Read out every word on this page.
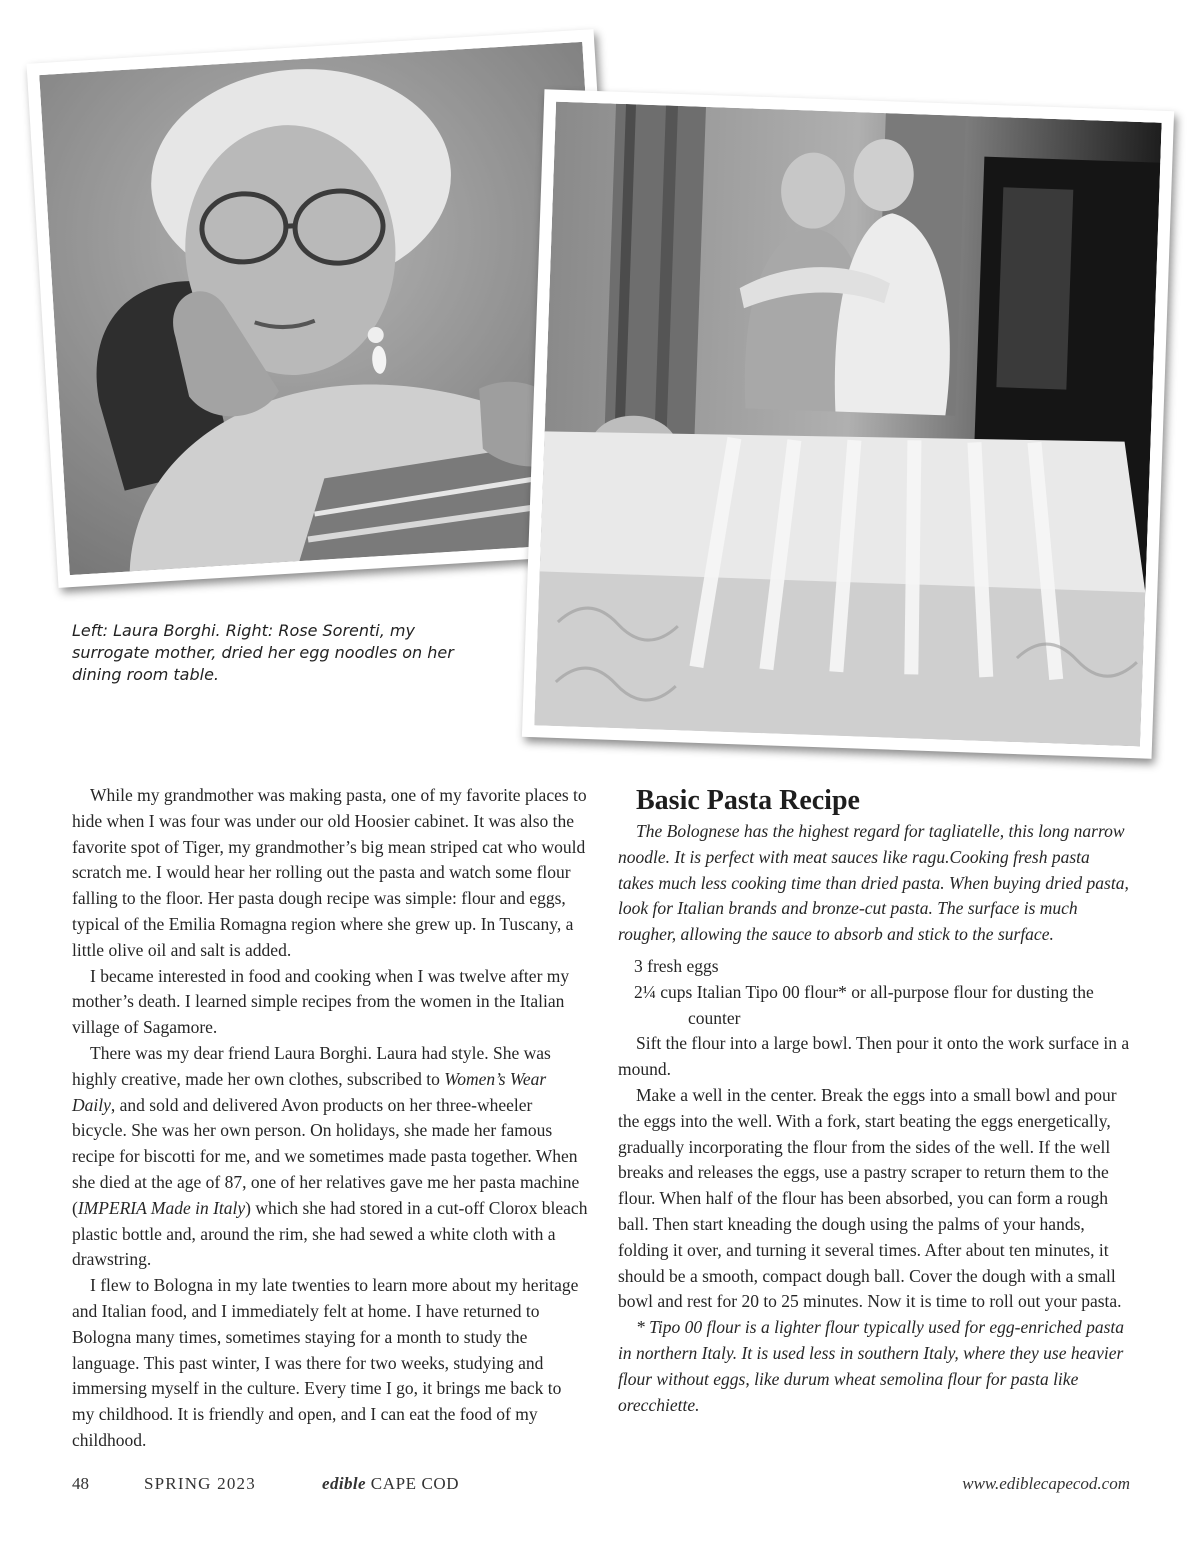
Left: Laura Borghi. Right: Rose Sorenti, my surrogate mother, dried her egg noodles on her dining room table.

While my grandmother was making pasta, one of my favorite places to hide when I was four was under our old Hoosier cabinet. It was also the favorite spot of Tiger, my grandmother’s big mean striped cat who would scratch me. I would hear her rolling out the pasta and watch some flour falling to the floor. Her pasta dough recipe was simple: flour and eggs, typical of the Emilia Romagna region where she grew up. In Tuscany, a little olive oil and salt is added.

I became interested in food and cooking when I was twelve after my mother’s death. I learned simple recipes from the women in the Italian village of Sagamore.

There was my dear friend Laura Borghi. Laura had style. She was highly creative, made her own clothes, subscribed to Women’s Wear Daily, and sold and delivered Avon products on her three-wheeler bicycle. She was her own person. On holidays, she made her famous recipe for biscotti for me, and we sometimes made pasta together. When she died at the age of 87, one of her relatives gave me her pasta machine (IMPERIA Made in Italy) which she had stored in a cut-off Clorox bleach plastic bottle and, around the rim, she had sewed a white cloth with a drawstring.

I flew to Bologna in my late twenties to learn more about my heritage and Italian food, and I immediately felt at home. I have returned to Bologna many times, sometimes staying for a month to study the language. This past winter, I was there for two weeks, studying and immersing myself in the culture. Every time I go, it brings me back to my childhood. It is friendly and open, and I can eat the food of my childhood.

Basic Pasta Recipe

The Bolognese has the highest regard for tagliatelle, this long narrow noodle. It is perfect with meat sauces like ragu.Cooking fresh pasta takes much less cooking time than dried pasta. When buying dried pasta, look for Italian brands and bronze-cut pasta. The surface is much rougher, allowing the sauce to absorb and stick to the surface.

3 fresh eggs
2¼ cups Italian Tipo 00 flour* or all-purpose flour for dusting the counter

Sift the flour into a large bowl. Then pour it onto the work surface in a mound.

Make a well in the center. Break the eggs into a small bowl and pour the eggs into the well. With a fork, start beating the eggs energetically, gradually incorporating the flour from the sides of the well. If the well breaks and releases the eggs, use a pastry scraper to return them to the flour. When half of the flour has been absorbed, you can form a rough ball. Then start kneading the dough using the palms of your hands, folding it over, and turning it several times. After about ten minutes, it should be a smooth, compact dough ball. Cover the dough with a small bowl and rest for 20 to 25 minutes. Now it is time to roll out your pasta.

* Tipo 00 flour is a lighter flour typically used for egg-enriched pasta in northern Italy. It is used less in southern Italy, where they use heavier flour without eggs, like durum wheat semolina flour for pasta like orecchiette.

48	SPRING 2023	edible CAPE COD	www.ediblecapecod.com
